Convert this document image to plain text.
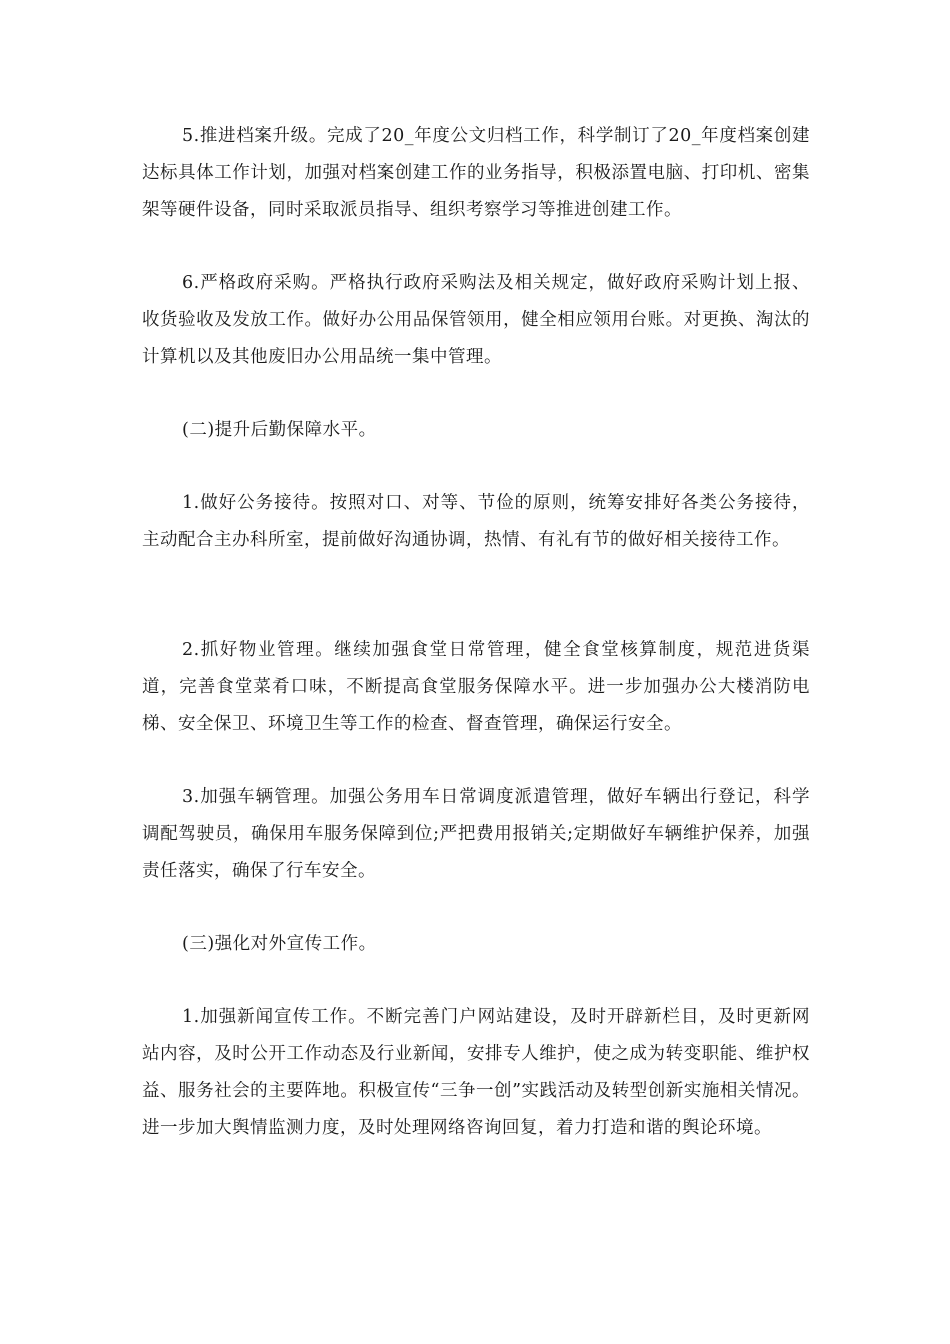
5.推进档案升级。完成了20_年度公文归档工作，科学制订了20_年度档案创建达标具体工作计划，加强对档案创建工作的业务指导，积极添置电脑、打印机、密集架等硬件设备，同时采取派员指导、组织考察学习等推进创建工作。

6.严格政府采购。严格执行政府采购法及相关规定，做好政府采购计划上报、收货验收及发放工作。做好办公用品保管领用，健全相应领用台账。对更换、淘汰的计算机以及其他废旧办公用品统一集中管理。

(二)提升后勤保障水平。

1.做好公务接待。按照对口、对等、节俭的原则，统筹安排好各类公务接待，主动配合主办科所室，提前做好沟通协调，热情、有礼有节的做好相关接待工作。

2.抓好物业管理。继续加强食堂日常管理，健全食堂核算制度，规范进货渠道，完善食堂菜肴口味，不断提高食堂服务保障水平。进一步加强办公大楼消防电梯、安全保卫、环境卫生等工作的检查、督查管理，确保运行安全。

3.加强车辆管理。加强公务用车日常调度派遣管理，做好车辆出行登记，科学调配驾驶员，确保用车服务保障到位;严把费用报销关;定期做好车辆维护保养，加强责任落实，确保了行车安全。

(三)强化对外宣传工作。

1.加强新闻宣传工作。不断完善门户网站建设，及时开辟新栏目，及时更新网站内容，及时公开工作动态及行业新闻，安排专人维护，使之成为转变职能、维护权益、服务社会的主要阵地。积极宣传“三争一创”实践活动及转型创新实施相关情况。进一步加大舆情监测力度，及时处理网络咨询回复，着力打造和谐的舆论环境。
